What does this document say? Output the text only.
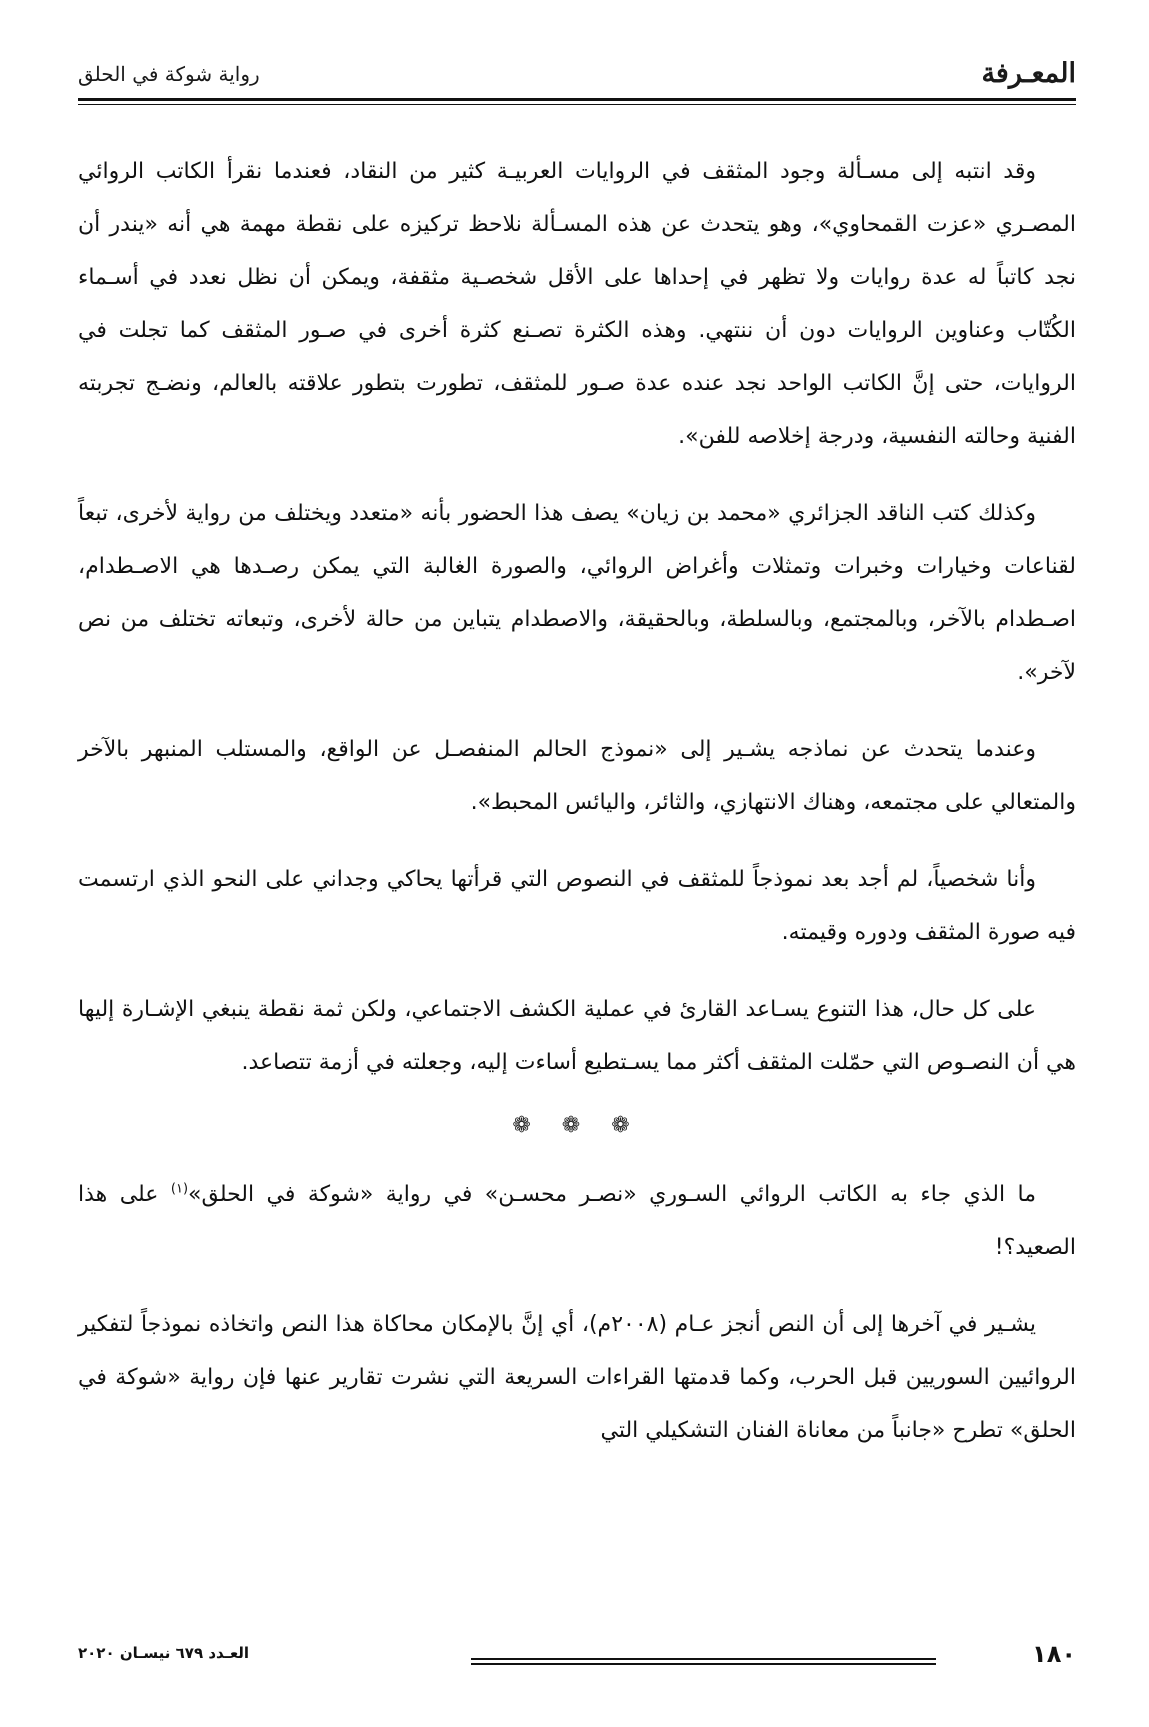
المعـرفة
رواية شوكة في الحلق

وقد انتبه إلى مسـألة وجود المثقف في الروايات العربيـة كثير من النقاد، فعندما نقرأ الكاتب الروائي المصـري «عزت القمحاوي»، وهو يتحدث عن هذه المسـألة نلاحظ تركيزه على نقطة مهمة هي أنه «يندر أن نجد كاتباً له عدة روايات ولا تظهر في إحداها على الأقل شخصـية مثقفة، ويمكن أن نظل نعدد في أسـماء الكُتّاب وعناوين الروايات دون أن ننتهي. وهذه الكثرة تصـنع كثرة أخرى في صـور المثقف كما تجلت في الروايات، حتى إنَّ الكاتب الواحد نجد عنده عدة صـور للمثقف، تطورت بتطور علاقته بالعالم، ونضـج تجربته الفنية وحالته النفسية، ودرجة إخلاصه للفن».

وكذلك كتب الناقد الجزائري «محمد بن زيان» يصف هذا الحضور بأنه «متعدد ويختلف من رواية لأخرى، تبعاً لقناعات وخيارات وخبرات وتمثلات وأغراض الروائي، والصورة الغالبة التي يمكن رصـدها هي الاصـطدام، اصـطدام بالآخر، وبالمجتمع، وبالسلطة، وبالحقيقة، والاصطدام يتباين من حالة لأخرى، وتبعاته تختلف من نص لآخر».

وعندما يتحدث عن نماذجه يشـير إلى «نموذج الحالم المنفصـل عن الواقع، والمستلب المنبهر بالآخر والمتعالي على مجتمعه، وهناك الانتهازي، والثائر، واليائس المحبط».

وأنا شخصياً، لم أجد بعد نموذجاً للمثقف في النصوص التي قرأتها يحاكي وجداني على النحو الذي ارتسمت فيه صورة المثقف ودوره وقيمته.

على كل حال، هذا التنوع يسـاعد القارئ في عملية الكشف الاجتماعي، ولكن ثمة نقطة ينبغي الإشـارة إليها هي أن النصـوص التي حمّلت المثقف أكثر مما يسـتطيع أساءت إليه، وجعلته في أزمة تتصاعد.

❁ ❁ ❁

ما الذي جاء به الكاتب الروائي السـوري «نصـر محسـن» في رواية «شوكة في الحلق»$^{(١)}$ على هذا الصعيد؟!

يشـير في آخرها إلى أن النص أنجز عـام (٢٠٠٨م)، أي إنَّ بالإمكان محاكاة هذا النص واتخاذه نموذجاً لتفكير الروائيين السوريين قبل الحرب، وكما قدمتها القراءات السريعة التي نشرت تقارير عنها فإن رواية «شوكة في الحلق» تطرح «جانباً من معاناة الفنان التشكيلي التي

١٨٠
العـدد ٦٧٩ نيسـان ٢٠٢٠
